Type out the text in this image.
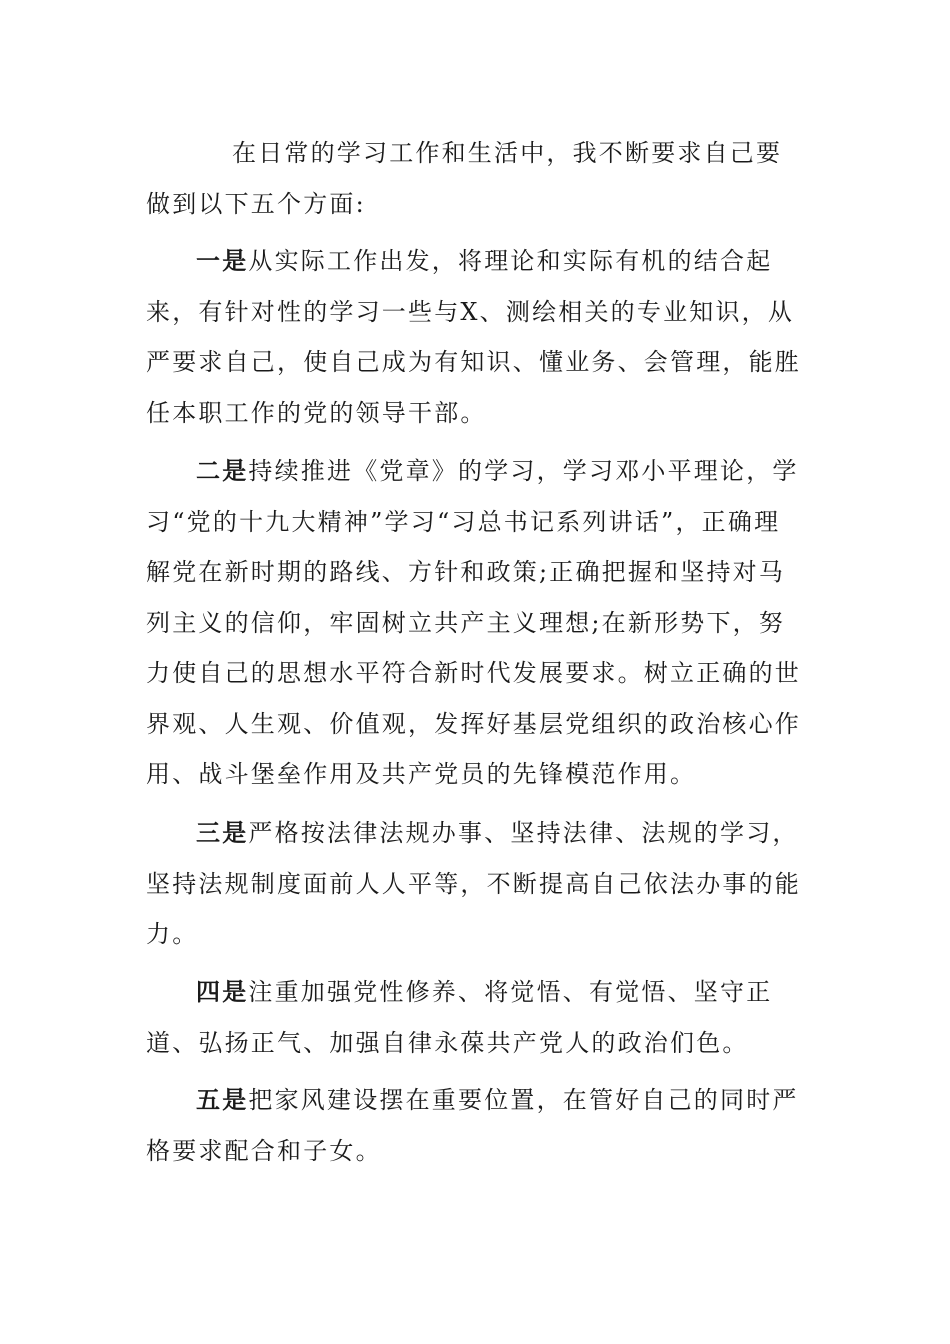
在日常的学习工作和生活中，我不断要求自己要做到以下五个方面:

一是从实际工作出发，将理论和实际有机的结合起来，有针对性的学习一些与X、测绘相关的专业知识，从严要求自己，使自己成为有知识、懂业务、会管理，能胜任本职工作的党的领导干部。

二是持续推进《党章》的学习，学习邓小平理论，学习“党的十九大精神”学习“习总书记系列讲话”，正确理解党在新时期的路线、方针和政策;正确把握和坚持对马列主义的信仰，牢固树立共产主义理想;在新形势下，努力使自己的思想水平符合新时代发展要求。树立正确的世界观、人生观、价值观，发挥好基层党组织的政治核心作用、战斗堡垒作用及共产党员的先锋模范作用。

三是严格按法律法规办事、坚持法律、法规的学习，坚持法规制度面前人人平等，不断提高自己依法办事的能力。

四是注重加强党性修养、将觉悟、有觉悟、坚守正道、弘扬正气、加强自律永葆共产党人的政治们色。

五是把家风建设摆在重要位置，在管好自己的同时严格要求配合和子女。
